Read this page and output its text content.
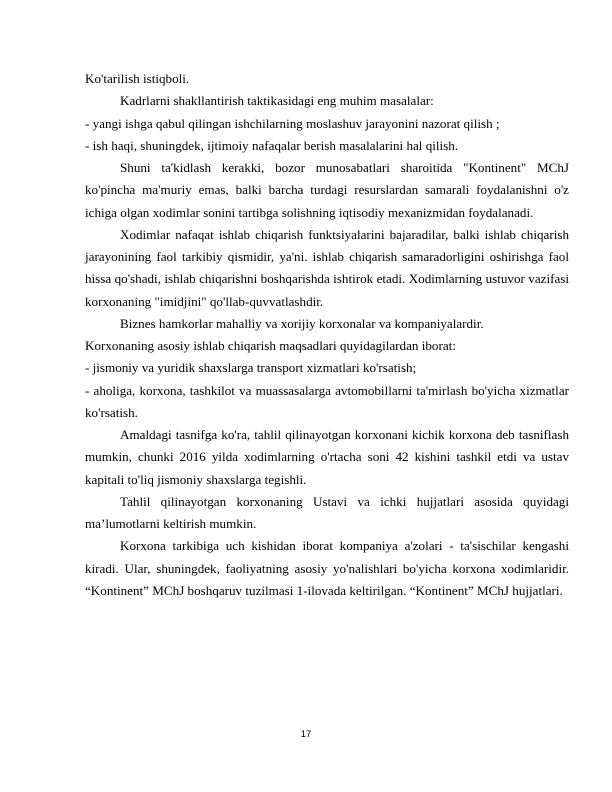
Ko'tarilish istiqboli.

Kadrlarni shakllantirish taktikasidagi eng muhim masalalar:

- yangi ishga qabul qilingan ishchilarning moslashuv jarayonini nazorat qilish ;

- ish haqi, shuningdek, ijtimoiy nafaqalar berish masalalarini hal qilish.

Shuni ta'kidlash kerakki, bozor munosabatlari sharoitida "Kontinent" MChJ ko'pincha ma'muriy emas, balki barcha turdagi resurslardan samarali foydalanishni o'z ichiga olgan xodimlar sonini tartibga solishning iqtisodiy mexanizmidan foydalanadi.

Xodimlar nafaqat ishlab chiqarish funktsiyalarini bajaradilar, balki ishlab chiqarish jarayonining faol tarkibiy qismidir, ya'ni. ishlab chiqarish samaradorligini oshirishga faol hissa qo'shadi, ishlab chiqarishni boshqarishda ishtirok etadi. Xodimlarning ustuvor vazifasi korxonaning "imidjini" qo'llab-quvvatlashdir.

Biznes hamkorlar mahalliy va xorijiy korxonalar va kompaniyalardir.

Korxonaning asosiy ishlab chiqarish maqsadlari quyidagilardan iborat:

- jismoniy va yuridik shaxslarga transport xizmatlari ko'rsatish;

- aholiga, korxona, tashkilot va muassasalarga avtomobillarni ta'mirlash bo'yicha xizmatlar ko'rsatish.

Amaldagi tasnifga ko'ra, tahlil qilinayotgan korxonani kichik korxona deb tasniflash mumkin, chunki 2016 yilda xodimlarning o'rtacha soni 42 kishini tashkil etdi va ustav kapitali to'liq jismoniy shaxslarga tegishli.

Tahlil qilinayotgan korxonaning Ustavi va ichki hujjatlari asosida quyidagi ma’lumotlarni keltirish mumkin.

Korxona tarkibiga uch kishidan iborat kompaniya a'zolari - ta'sischilar kengashi kiradi. Ular, shuningdek, faoliyatning asosiy yo'nalishlari bo'yicha korxona xodimlaridir. “Kontinent” MChJ boshqaruv tuzilmasi 1-ilovada keltirilgan. “Kontinent” MChJ hujjatlari.

17
